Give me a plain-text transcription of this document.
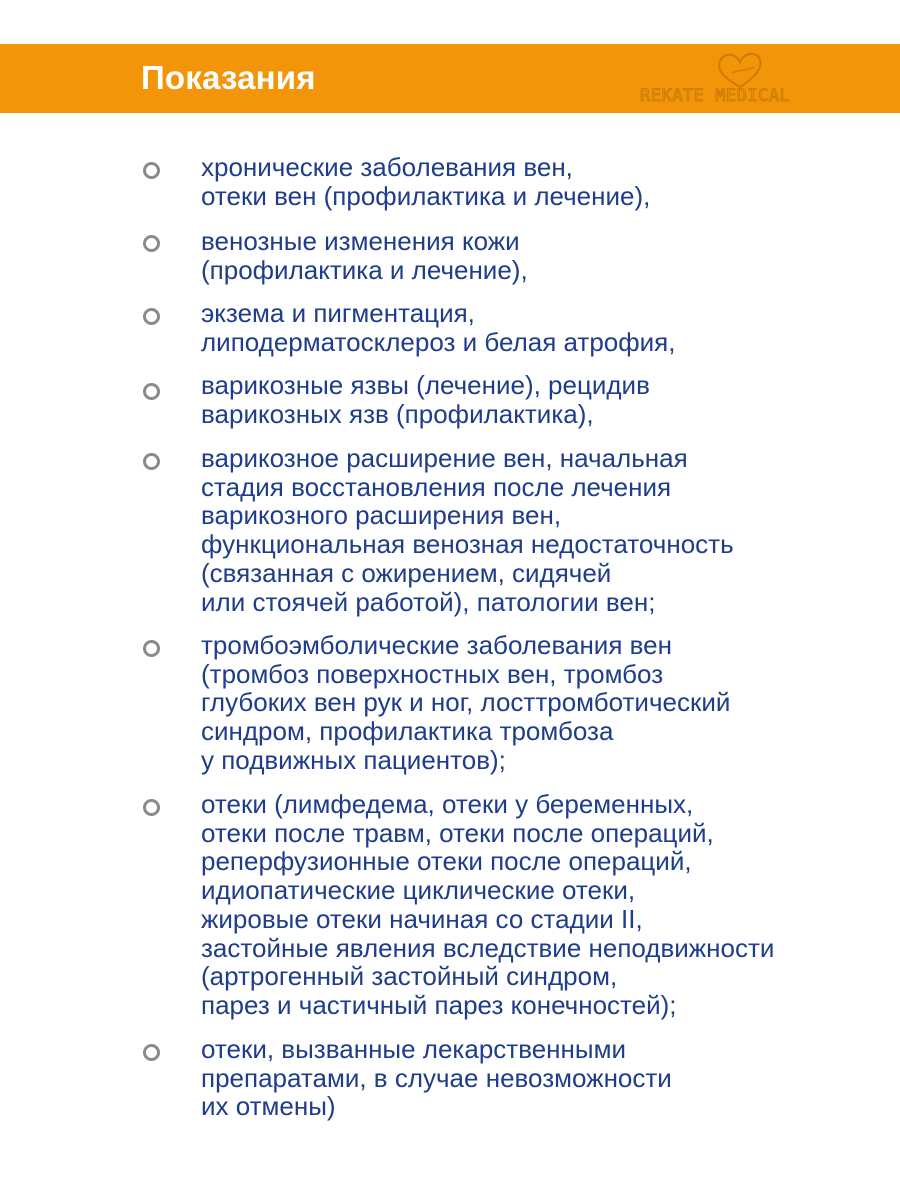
Показания	REKATE MEDICAL

хронические заболевания вен,
отеки вен (профилактика и лечение),

венозные изменения кожи
(профилактика и лечение),

экзема и пигментация,
липодерматосклероз и белая атрофия,

варикозные язвы (лечение), рецидив
варикозных язв (профилактика),

варикозное расширение вен, начальная
стадия восстановления после лечения
варикозного расширения вен,
функциональная венозная недостаточность
(связанная с ожирением, сидячей
или стоячей работой), патологии вен;

тромбоэмболические заболевания вен
(тромбоз поверхностных вен, тромбоз
глубоких вен рук и ног, лосттромботический
синдром, профилактика тромбоза
у подвижных пациентов);

отеки (лимфедема, отеки у беременных,
отеки после травм, отеки после операций,
реперфузионные отеки после операций,
идиопатические циклические отеки,
жировые отеки начиная со стадии II,
застойные явления вследствие неподвижности
(артрогенный застойный синдром,
парез и частичный парез конечностей);

отеки, вызванные лекарственными
препаратами, в случае невозможности
их отмены)
